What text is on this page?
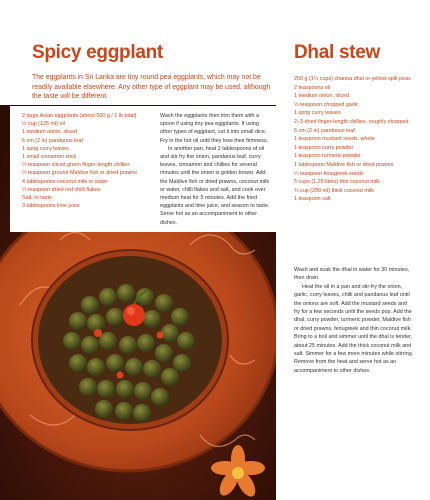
Spicy eggplant

The eggplants in Sri Lanka are tiny round pea eggplants, which may not be readily available elsewhere. Any other type of eggplant may be used, although the taste will be different.

2 large Asian eggplants (about 500 g / 1 lb total)
½ cup (125 ml) oil
1 medium onion, sliced
5 cm (2 in) pandanus leaf
1 sprig curry leaves
1 small cinnamon stick
½ teaspoon sliced green finger-length chillies
½ teaspoon ground Maldive fish or dried prawns
4 tablespoons coconut milk or water
½ teaspoon dried red chilli flakes
Salt, to taste
3 tablespoons lime juice

Wash the eggplants then trim them with a spoon if using tiny pea eggplants. If using other types of eggplant, cut it into small dice. Fry in the hot oil until they lose their firmness.

In another pan, heat 2 tablespoons of oil and stir fry the onion, pandanus leaf, curry leaves, cinnamon and chillies for several minutes until the onion is golden brown. Add the Maldive fish or dried prawns, coconut milk or water, chilli flakes and salt, and cook over medium heat for 5 minutes. Add the fried eggplants and lime juice, and season to taste. Serve hot as an accompaniment to other dishes.

Dhal stew
250 g (1¼ cups) channa dhal or yellow split peas
2 teaspoons oil
1 medium onion, sliced
½ teaspoon chopped garlic
1 sprig curry leaves
2–3 dried finger-length chillies, roughly chopped
5 cm (2 in) pandanus leaf
1 teaspoon mustard seeds, whole
1 teaspoon curry powder
1 teaspoon turmeric powder
1 tablespoon Maldive fish or dried prawns
¼ teaspoon fenugreek seeds
5 cups (1.25 litres) thin coconut milk
¾ cup (200 ml) thick coconut milk
1 teaspoon salt

Wash and soak the dhal in water for 30 minutes, then drain.

Heat the oil in a pan and stir-fry the onion, garlic, curry leaves, chilli and pandanus leaf until the onions are soft. Add the mustard seeds and fry for a few seconds until the seeds pop. Add the dhal, curry powder, turmeric powder, Maldive fish or dried prawns, fenugreek and thin coconut milk. Bring to a boil and simmer until the dhal is tender, about 25 minutes. Add the thick coconut milk and salt. Simmer for a few more minutes while stirring. Remove from the heat and serve hot as an accompaniment to other dishes.
